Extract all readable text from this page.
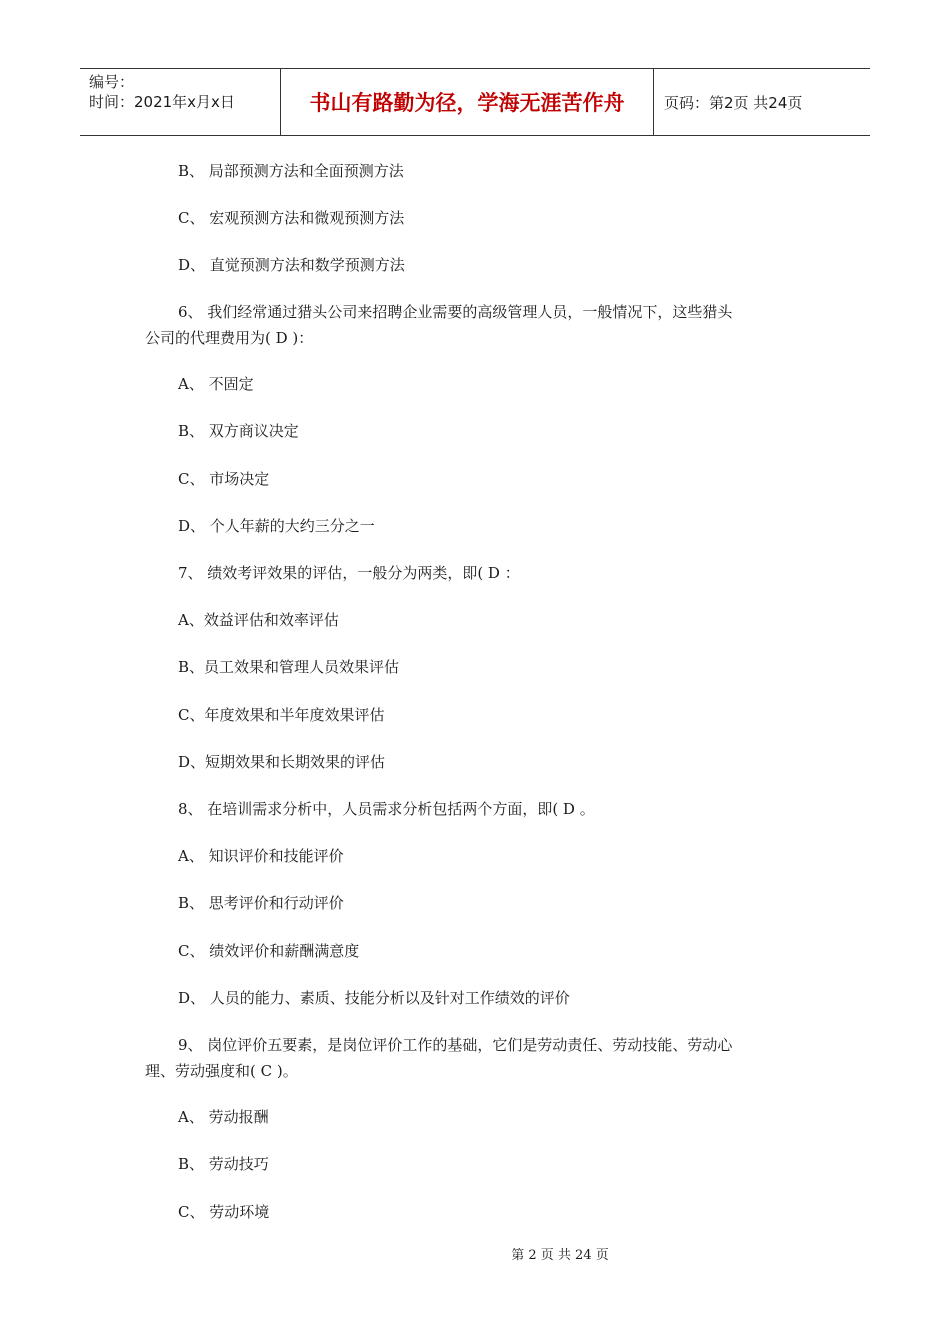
编号：
时间：2021年x月x日	书山有路勤为径，学海无涯苦作舟	页码：第2页 共24页
B、 局部预测方法和全面预测方法
C、 宏观预测方法和微观预测方法
D、 直觉预测方法和数学预测方法
6、 我们经常通过猎头公司来招聘企业需要的高级管理人员，一般情况下，这些猎头
公司的代理费用为( D )：
A、 不固定
B、 双方商议决定
C、 市场决定
D、 个人年薪的大约三分之一
7、 绩效考评效果的评估，一般分为两类，即( D ：
A、效益评估和效率评估
B、员工效果和管理人员效果评估
C、年度效果和半年度效果评估
D、短期效果和长期效果的评估
8、 在培训需求分析中，人员需求分析包括两个方面，即( D 。
A、 知识评价和技能评价
B、 思考评价和行动评价
C、 绩效评价和薪酬满意度
D、 人员的能力、素质、技能分析以及针对工作绩效的评价
9、 岗位评价五要素，是岗位评价工作的基础，它们是劳动责任、劳动技能、劳动心
理、劳动强度和( C )。
A、 劳动报酬
B、 劳动技巧
C、 劳动环境
第 2 页 共 24 页
